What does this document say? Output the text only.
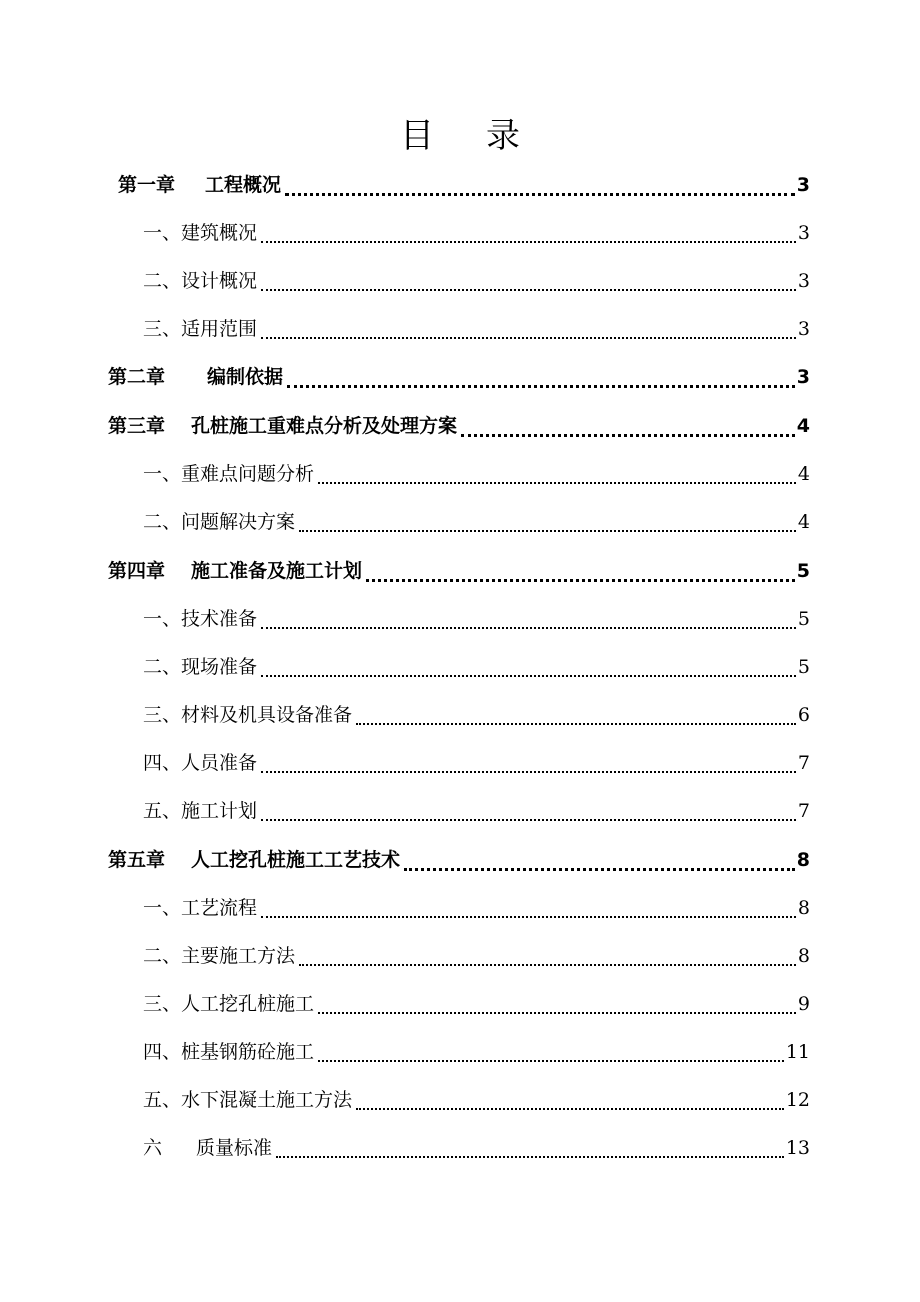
目 录
第一章 工程概况	3
一、 建筑概况	3
二、 设计概况	3
三、 适用范围	3
第二章 编制依据	3
第三章 孔桩施工重难点分析及处理方案	4
一、 重难点问题分析	4
二、 问题解决方案	4
第四章 施工准备及施工计划	5
一、 技术准备	5
二、 现场准备	5
三、 材料及机具设备准备	6
四、 人员准备	7
五、 施工计划	7
第五章 人工挖孔桩施工工艺技术	8
一、 工艺流程	8
二、 主要施工方法	8
三、 人工挖孔桩施工	9
四、 桩基钢筋砼施工	11
五、 水下混凝土施工方法	12
六 质量标准	13
